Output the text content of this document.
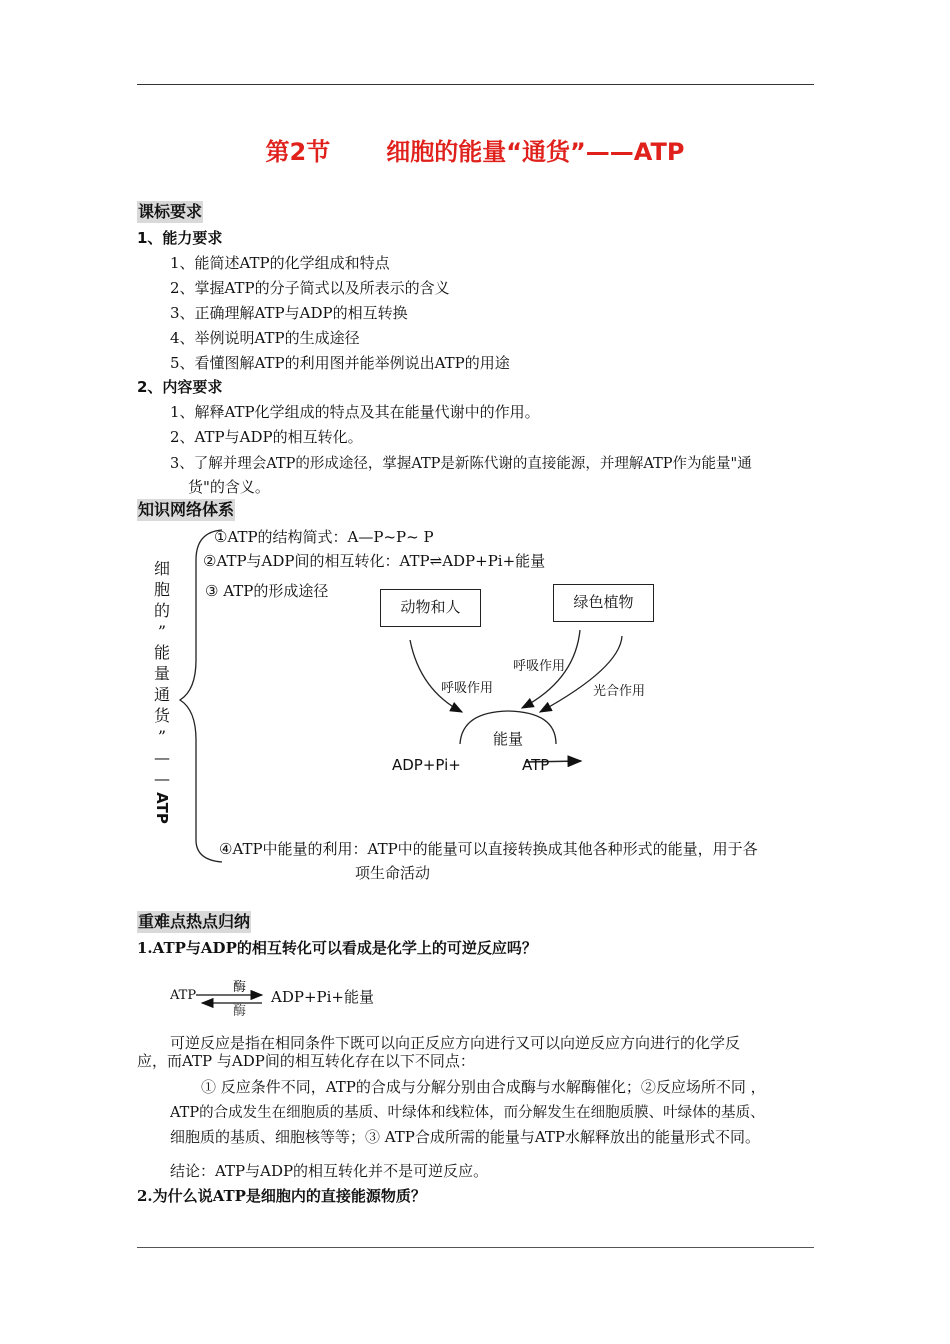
第2节 细胞的能量“通货”——ATP
课标要求
1、能力要求
1、能简述ATP的化学组成和特点
2、掌握ATP的分子简式以及所表示的含义
3、正确理解ATP与ADP的相互转换
4、举例说明ATP的生成途径
5、看懂图解ATP的利用图并能举例说出ATP的用途
2、内容要求
1、解释ATP化学组成的特点及其在能量代谢中的作用。
2、ATP与ADP的相互转化。
3、了解并理会ATP的形成途径，掌握ATP是新陈代谢的直接能源，并理解ATP作为能量"通
货"的含义。
知识网络体系
细
胞
的
”
能
量
通
货
”
—
—
ATP
①ATP的结构简式：A—P~P~ P
②ATP与ADP间的相互转化：ATP⇌ADP+Pi+能量
③ ATP的形成途径
动物和人	绿色植物
呼吸作用
呼吸作用
光合作用
能量
ADP+Pi+	ATP
④ATP中能量的利用：ATP中的能量可以直接转换成其他各种形式的能量，用于各
项生命活动
重难点热点归纳
1.ATP与ADP的相互转化可以看成是化学上的可逆反应吗？
ATP
酶
酶
ADP+Pi+能量
可逆反应是指在相同条件下既可以向正反应方向进行又可以向逆反应方向进行的化学反
应，而ATP 与ADP间的相互转化存在以下不同点：
① 反应条件不同，ATP的合成与分解分别由合成酶与水解酶催化；②反应场所不同 ，
ATP的合成发生在细胞质的基质、叶绿体和线粒体，而分解发生在细胞质膜、叶绿体的基质、
细胞质的基质、细胞核等等；③ ATP合成所需的能量与ATP水解释放出的能量形式不同。
结论：ATP与ADP的相互转化并不是可逆反应。
2.为什么说ATP是细胞内的直接能源物质？
